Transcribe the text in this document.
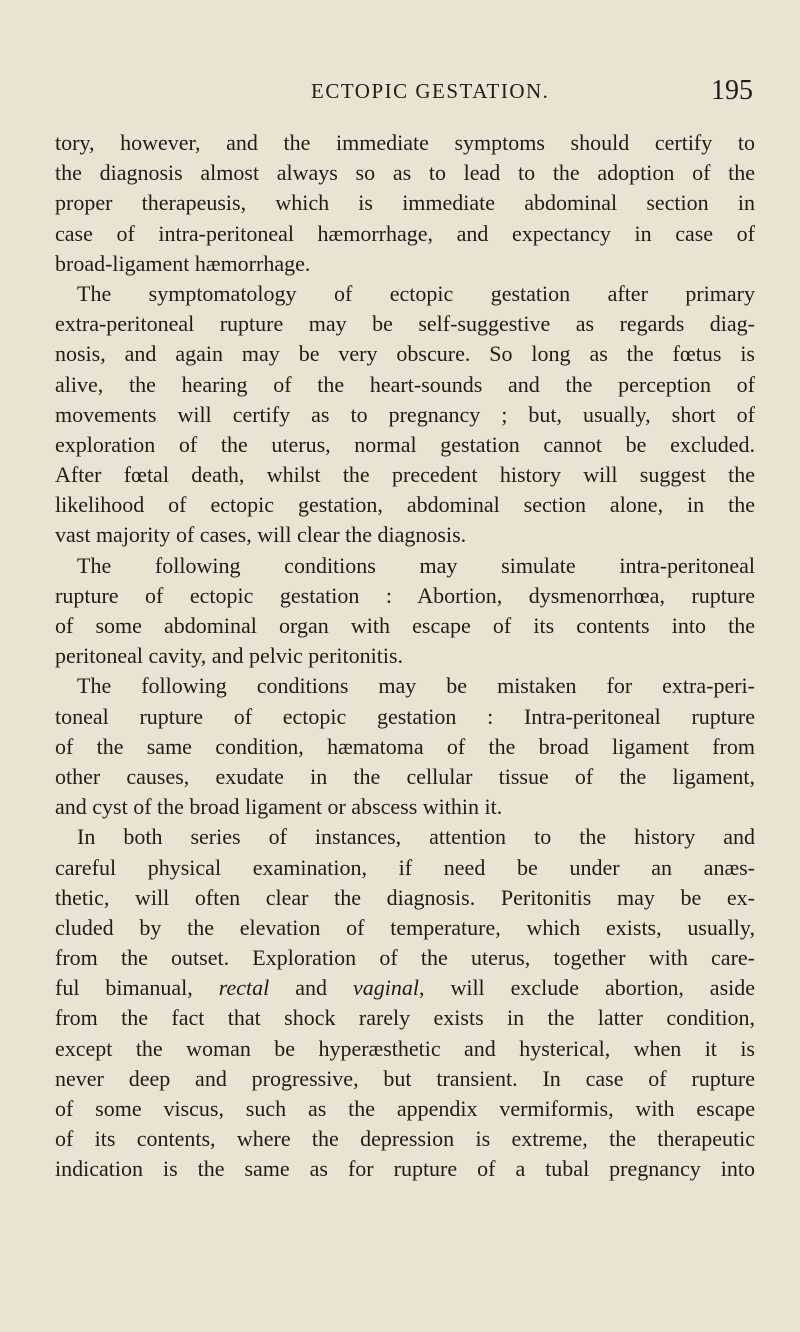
ECTOPIC GESTATION.	195
tory, however, and the immediate symptoms should certify to
the diagnosis almost always so as to lead to the adoption of the
proper therapeusis, which is immediate abdominal section in
case of intra-peritoneal hæmorrhage, and expectancy in case of
broad-ligament hæmorrhage.
The symptomatology of ectopic gestation after primary
extra-peritoneal rupture may be self-suggestive as regards diag-
nosis, and again may be very obscure. So long as the fœtus is
alive, the hearing of the heart-sounds and the perception of
movements will certify as to pregnancy ; but, usually, short of
exploration of the uterus, normal gestation cannot be excluded.
After fœtal death, whilst the precedent history will suggest the
likelihood of ectopic gestation, abdominal section alone, in the
vast majority of cases, will clear the diagnosis.
The following conditions may simulate intra-peritoneal
rupture of ectopic gestation : Abortion, dysmenorrhœa, rupture
of some abdominal organ with escape of its contents into the
peritoneal cavity, and pelvic peritonitis.
The following conditions may be mistaken for extra-peri-
toneal rupture of ectopic gestation : Intra-peritoneal rupture
of the same condition, hæmatoma of the broad ligament from
other causes, exudate in the cellular tissue of the ligament,
and cyst of the broad ligament or abscess within it.
In both series of instances, attention to the history and
careful physical examination, if need be under an anæs-
thetic, will often clear the diagnosis. Peritonitis may be ex-
cluded by the elevation of temperature, which exists, usually,
from the outset. Exploration of the uterus, together with care-
ful bimanual, rectal and vaginal, will exclude abortion, aside
from the fact that shock rarely exists in the latter condition,
except the woman be hyperæsthetic and hysterical, when it is
never deep and progressive, but transient. In case of rupture
of some viscus, such as the appendix vermiformis, with escape
of its contents, where the depression is extreme, the therapeutic
indication is the same as for rupture of a tubal pregnancy into
